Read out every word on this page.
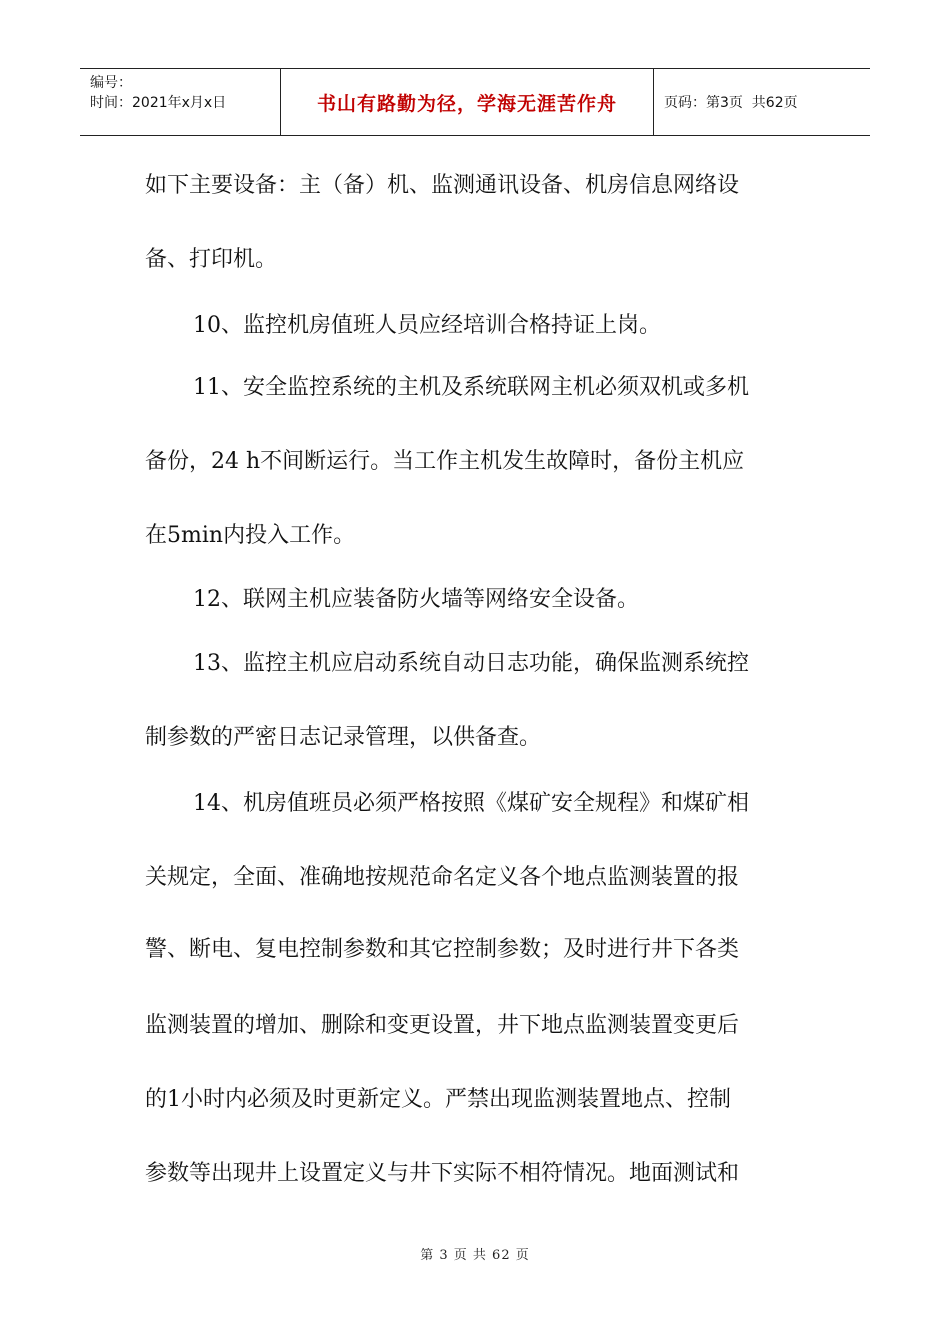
编号：
时间：2021年x月x日	书山有路勤为径，学海无涯苦作舟	页码：第3页  共62页
如下主要设备：主（备）机、监测通讯设备、机房信息网络设
备、打印机。
10、监控机房值班人员应经培训合格持证上岗。
11、安全监控系统的主机及系统联网主机必须双机或多机
备份，24 h不间断运行。当工作主机发生故障时，备份主机应
在5min内投入工作。
12、联网主机应装备防火墙等网络安全设备。
13、监控主机应启动系统自动日志功能，确保监测系统控
制参数的严密日志记录管理，以供备查。
14、机房值班员必须严格按照《煤矿安全规程》和煤矿相
关规定，全面、准确地按规范命名定义各个地点监测装置的报
警、断电、复电控制参数和其它控制参数；及时进行井下各类
监测装置的增加、删除和变更设置，井下地点监测装置变更后
的1小时内必须及时更新定义。严禁出现监测装置地点、控制
参数等出现井上设置定义与井下实际不相符情况。地面测试和
第 3 页 共 62 页
